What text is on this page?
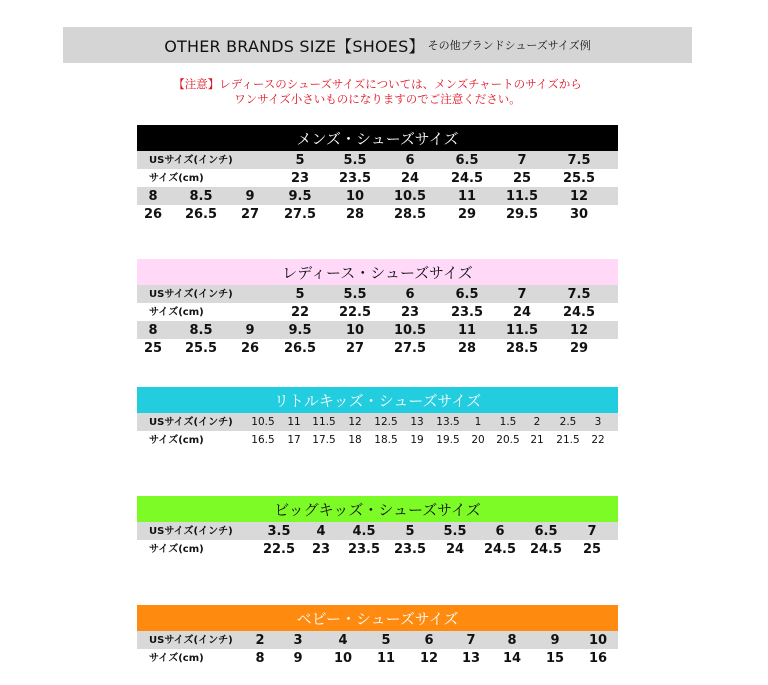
OTHER BRANDS SIZE【SHOES】 その他ブランドシューズサイズ例
【注意】レディースのシューズサイズについては、メンズチャートのサイズから
ワンサイズ小さいものになりますのでご注意ください。
メンズ・シューズサイズ
USサイズ(インチ)	5	5.5	6	6.5	7	7.5
サイズ(cm)	23	23.5	24	24.5	25	25.5
8	8.5	9	9.5	10	10.5	11	11.5	12
26	26.5	27	27.5	28	28.5	29	29.5	30
レディース・シューズサイズ
USサイズ(インチ)	5	5.5	6	6.5	7	7.5
サイズ(cm)	22	22.5	23	23.5	24	24.5
8	8.5	9	9.5	10	10.5	11	11.5	12
25	25.5	26	26.5	27	27.5	28	28.5	29
リトルキッズ・シューズサイズ
USサイズ(インチ)	10.5	11	11.5	12	12.5	13	13.5	1	1.5	2	2.5	3
サイズ(cm)	16.5	17	17.5	18	18.5	19	19.5	20	20.5	21	21.5	22
ビッグキッズ・シューズサイズ
USサイズ(インチ)	3.5	4	4.5	5	5.5	6	6.5	7
サイズ(cm)	22.5	23	23.5	23.5	24	24.5	24.5	25
ベビー・シューズサイズ
USサイズ(インチ)	2	3	4	5	6	7	8	9	10
サイズ(cm)	8	9	10	11	12	13	14	15	16
